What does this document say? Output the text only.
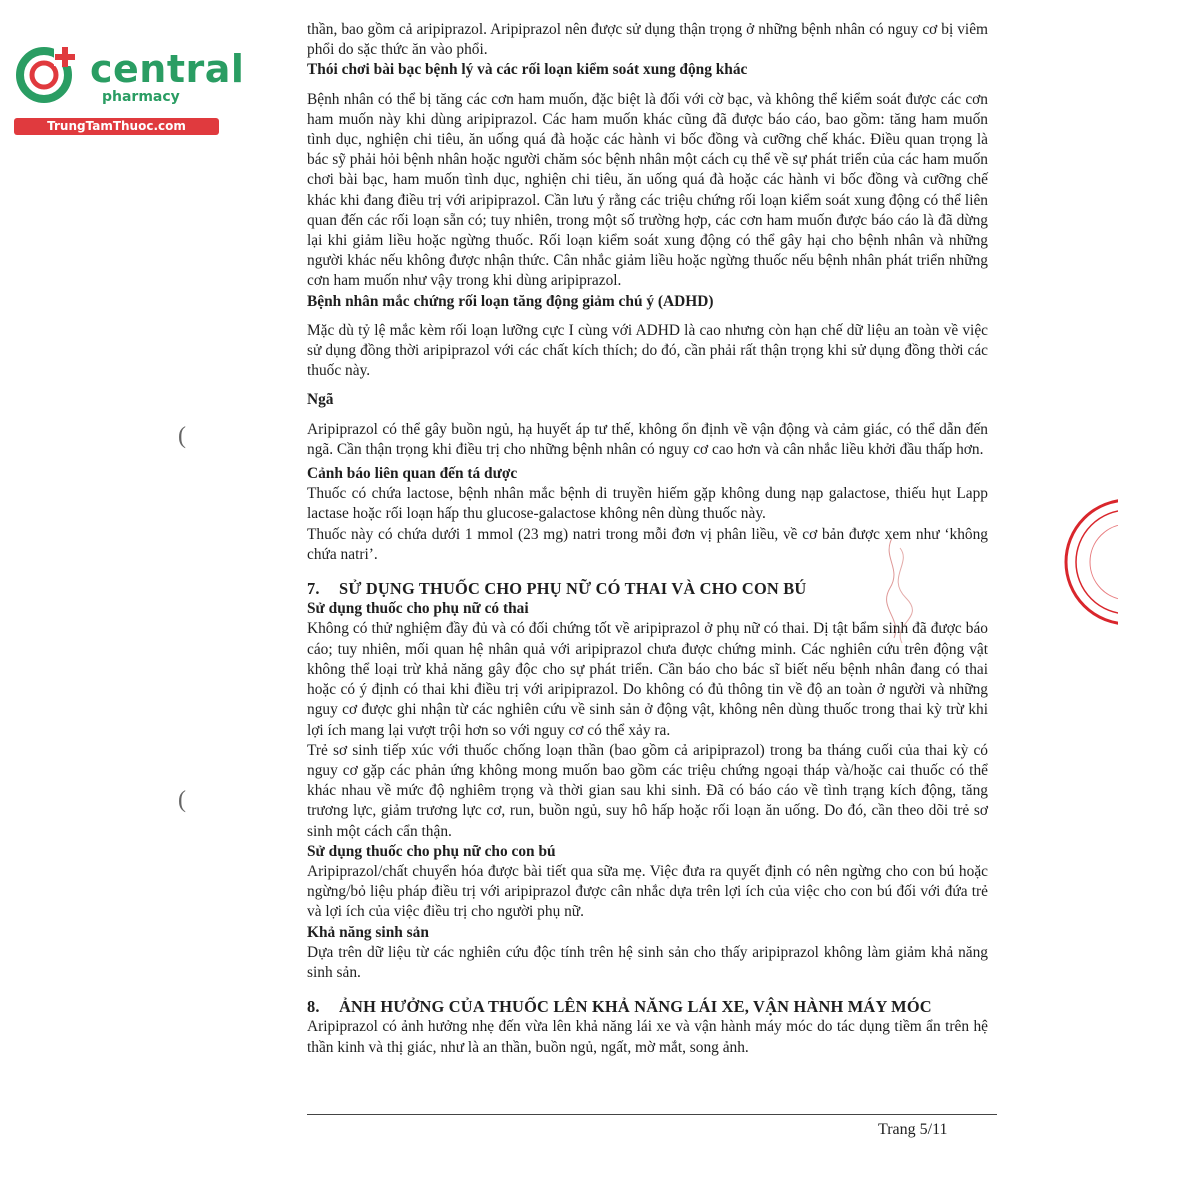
central
pharmacy
TrungTamThuoc.com
(
(

thần, bao gồm cả aripiprazol. Aripiprazol nên được sử dụng thận trọng ở những bệnh nhân có nguy cơ bị viêm phổi do sặc thức ăn vào phổi.

Thói chơi bài bạc bệnh lý và các rối loạn kiểm soát xung động khác

Bệnh nhân có thể bị tăng các cơn ham muốn, đặc biệt là đối với cờ bạc, và không thể kiểm soát được các cơn ham muốn này khi dùng aripiprazol. Các ham muốn khác cũng đã được báo cáo, bao gồm: tăng ham muốn tình dục, nghiện chi tiêu, ăn uống quá đà hoặc các hành vi bốc đồng và cưỡng chế khác. Điều quan trọng là bác sỹ phải hỏi bệnh nhân hoặc người chăm sóc bệnh nhân một cách cụ thể về sự phát triển của các ham muốn chơi bài bạc, ham muốn tình dục, nghiện chi tiêu, ăn uống quá đà hoặc các hành vi bốc đồng và cưỡng chế khác khi đang điều trị với aripiprazol. Cần lưu ý rằng các triệu chứng rối loạn kiểm soát xung động có thể liên quan đến các rối loạn sẵn có; tuy nhiên, trong một số trường hợp, các cơn ham muốn được báo cáo là đã dừng lại khi giảm liều hoặc ngừng thuốc. Rối loạn kiểm soát xung động có thể gây hại cho bệnh nhân và những người khác nếu không được nhận thức. Cân nhắc giảm liều hoặc ngừng thuốc nếu bệnh nhân phát triển những cơn ham muốn như vậy trong khi dùng aripiprazol.

Bệnh nhân mắc chứng rối loạn tăng động giảm chú ý (ADHD)

Mặc dù tỷ lệ mắc kèm rối loạn lưỡng cực I cùng với ADHD là cao nhưng còn hạn chế dữ liệu an toàn về việc sử dụng đồng thời aripiprazol với các chất kích thích; do đó, cần phải rất thận trọng khi sử dụng đồng thời các thuốc này.

Ngã

Aripiprazol có thể gây buồn ngủ, hạ huyết áp tư thế, không ổn định về vận động và cảm giác, có thể dẫn đến ngã. Cần thận trọng khi điều trị cho những bệnh nhân có nguy cơ cao hơn và cân nhắc liều khởi đầu thấp hơn.

Cảnh báo liên quan đến tá dược

Thuốc có chứa lactose, bệnh nhân mắc bệnh di truyền hiếm gặp không dung nạp galactose, thiếu hụt Lapp lactase hoặc rối loạn hấp thu glucose-galactose không nên dùng thuốc này.

Thuốc này có chứa dưới 1 mmol (23 mg) natri trong mỗi đơn vị phân liều, về cơ bản được xem như ‘không chứa natri’.

7. SỬ DỤNG THUỐC CHO PHỤ NỮ CÓ THAI VÀ CHO CON BÚ
Sử dụng thuốc cho phụ nữ có thai

Không có thử nghiệm đầy đủ và có đối chứng tốt về aripiprazol ở phụ nữ có thai. Dị tật bẩm sinh đã được báo cáo; tuy nhiên, mối quan hệ nhân quả với aripiprazol chưa được chứng minh. Các nghiên cứu trên động vật không thể loại trừ khả năng gây độc cho sự phát triển. Cần báo cho bác sĩ biết nếu bệnh nhân đang có thai hoặc có ý định có thai khi điều trị với aripiprazol. Do không có đủ thông tin về độ an toàn ở người và những nguy cơ được ghi nhận từ các nghiên cứu về sinh sản ở động vật, không nên dùng thuốc trong thai kỳ trừ khi lợi ích mang lại vượt trội hơn so với nguy cơ có thể xảy ra.

Trẻ sơ sinh tiếp xúc với thuốc chống loạn thần (bao gồm cả aripiprazol) trong ba tháng cuối của thai kỳ có nguy cơ gặp các phản ứng không mong muốn bao gồm các triệu chứng ngoại tháp và/hoặc cai thuốc có thể khác nhau về mức độ nghiêm trọng và thời gian sau khi sinh. Đã có báo cáo về tình trạng kích động, tăng trương lực, giảm trương lực cơ, run, buồn ngủ, suy hô hấp hoặc rối loạn ăn uống. Do đó, cần theo dõi trẻ sơ sinh một cách cẩn thận.

Sử dụng thuốc cho phụ nữ cho con bú

Aripiprazol/chất chuyển hóa được bài tiết qua sữa mẹ. Việc đưa ra quyết định có nên ngừng cho con bú hoặc ngừng/bỏ liệu pháp điều trị với aripiprazol được cân nhắc dựa trên lợi ích của việc cho con bú đối với đứa trẻ và lợi ích của việc điều trị cho người phụ nữ.

Khả năng sinh sản

Dựa trên dữ liệu từ các nghiên cứu độc tính trên hệ sinh sản cho thấy aripiprazol không làm giảm khả năng sinh sản.

8. ẢNH HƯỞNG CỦA THUỐC LÊN KHẢ NĂNG LÁI XE, VẬN HÀNH MÁY MÓC

Aripiprazol có ảnh hưởng nhẹ đến vừa lên khả năng lái xe và vận hành máy móc do tác dụng tiềm ẩn trên hệ thần kinh và thị giác, như là an thần, buồn ngủ, ngất, mờ mắt, song ảnh.

Trang 5/11
